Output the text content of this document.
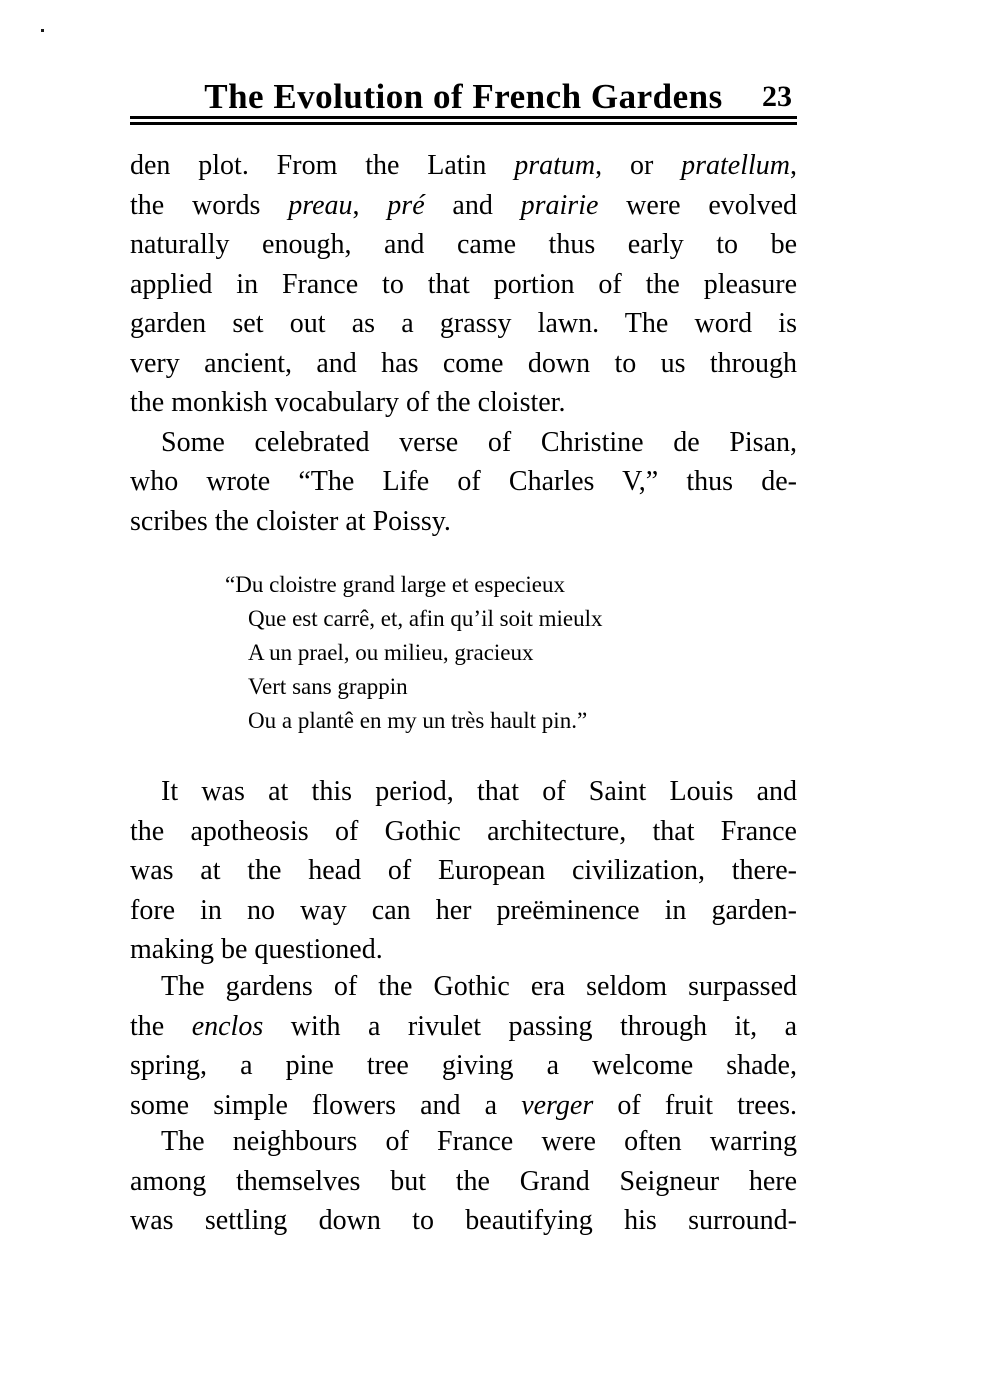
The Evolution of French Gardens	23
den plot. From the Latin pratum, or pratellum,
the words preau, pré and prairie were evolved
naturally enough, and came thus early to be
applied in France to that portion of the pleasure
garden set out as a grassy lawn. The word is
very ancient, and has come down to us through
the monkish vocabulary of the cloister.
Some celebrated verse of Christine de Pisan,
who wrote “The Life of Charles V,” thus de-
scribes the cloister at Poissy.
“Du cloistre grand large et especieux
Que est carrê, et, afin qu’il soit mieulx
A un prael, ou milieu, gracieux
Vert sans grappin
Ou a plantê en my un très hault pin.”
It was at this period, that of Saint Louis and
the apotheosis of Gothic architecture, that France
was at the head of European civilization, there-
fore in no way can her preëminence in garden-
making be questioned.
The gardens of the Gothic era seldom surpassed
the enclos with a rivulet passing through it, a
spring, a pine tree giving a welcome shade,
some simple flowers and a verger of fruit trees.
The neighbours of France were often warring
among themselves but the Grand Seigneur here
was settling down to beautifying his surround-
